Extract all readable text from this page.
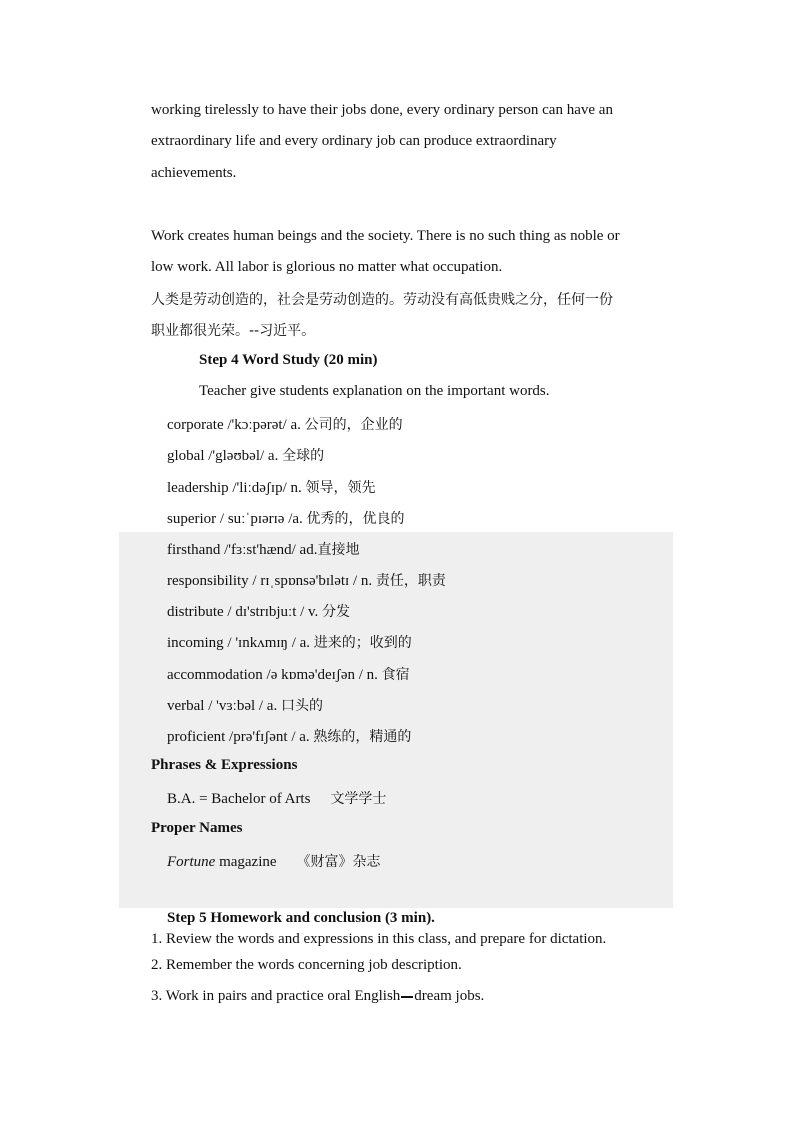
working tirelessly to have their jobs done, every ordinary person can have an
extraordinary life and every ordinary job can produce extraordinary
achievements.
Work creates human beings and the society. There is no such thing as noble or
low work. All labor is glorious no matter what occupation.
人类是劳动创造的，社会是劳动创造的。劳动没有高低贵贱之分，任何一份
职业都很光荣。--习近平。
Step 4 Word Study (20 min)
Teacher give students explanation on the important words.
corporate /'kɔːpərət/ a. 公司的，企业的
global /'gləʊbəl/ a. 全球的
leadership /'liːdəʃɪp/ n. 领导，领先
superior / suːˈpɪərɪə /a. 优秀的，优良的
firsthand /'fɜːst'hænd/ ad.直接地
responsibility / rɪˌspɒnsə'bɪlətɪ / n. 责任，职责
distribute / dɪ'strɪbjuːt / v. 分发
incoming / 'ɪnkʌmɪŋ / a. 进来的；收到的
accommodation /ə kɒmə'deɪʃən / n. 食宿
verbal / 'vɜːbəl / a. 口头的
proficient /prə'fɪʃənt / a. 熟练的，精通的
Phrases & Expressions
B.A. = Bachelor of Arts 文学学士
Proper Names
Fortune magazine 《财富》杂志
Step 5 Homework and conclusion (3 min).
1. Review the words and expressions in this class, and prepare for dictation.
2. Remember the words concerning job description.
3. Work in pairs and practice oral English dream jobs.
